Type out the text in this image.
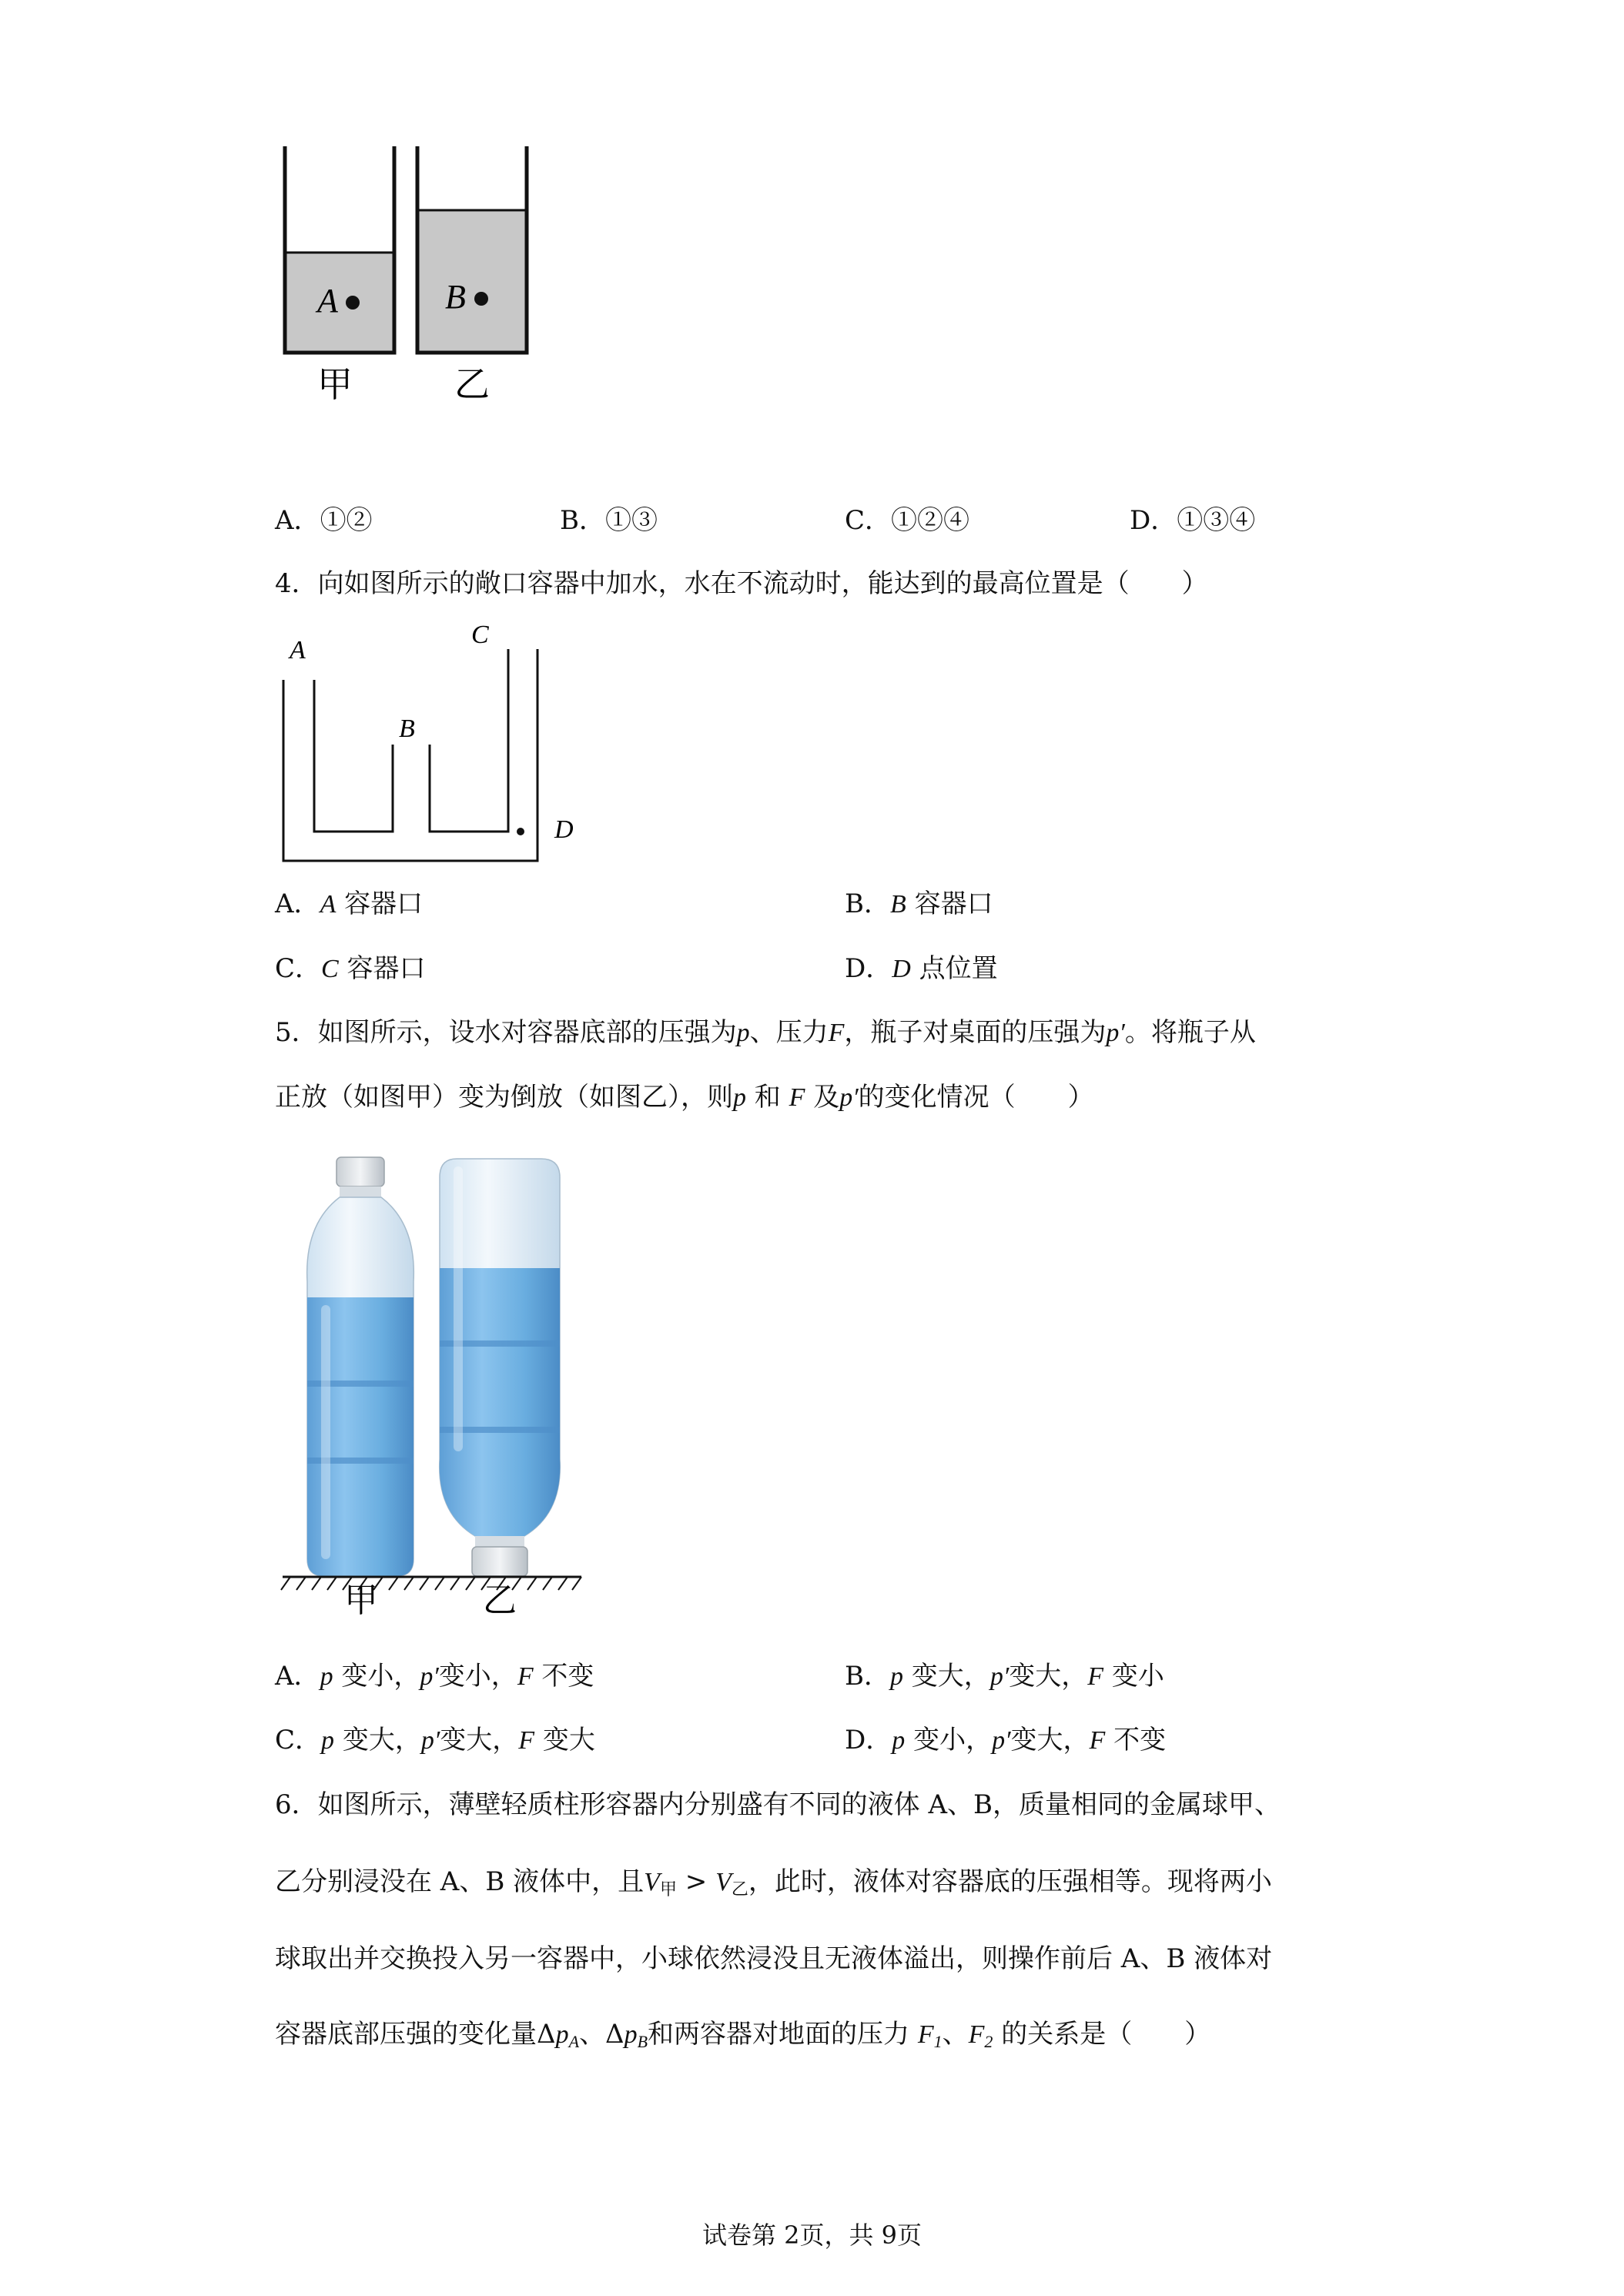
A	B
甲	乙
A．①②	B．①③	C．①②④	D．①③④
4．向如图所示的敞口容器中加水，水在不流动时，能达到的最高位置是（　　）
A
B
C
D
A．A 容器口	B．B 容器口
C．C 容器口	D．D 点位置
5．如图所示，设水对容器底部的压强为p、压力F，瓶子对桌面的压强为p′。将瓶子从
正放（如图甲）变为倒放（如图乙），则p 和 F 及p′的变化情况（　　）
甲	乙
A．p 变小，p′变小，F 不变	B．p 变大，p′变大，F 变小
C．p 变大，p′变大，F 变大	D．p 变小，p′变大，F 不变
6．如图所示，薄壁轻质柱形容器内分别盛有不同的液体 A、B，质量相同的金属球甲、
乙分别浸没在 A、B 液体中，且$V_甲 > V_乙$，此时，液体对容器底的压强相等。现将两小
球取出并交换投入另一容器中，小球依然浸没且无液体溢出，则操作前后 A、B 液体对
容器底部压强的变化量$\Delta p_A$、$\Delta p_B$和两容器对地面的压力 $F_1$、$F_2$ 的关系是（　　）
试卷第 2页，共 9页
